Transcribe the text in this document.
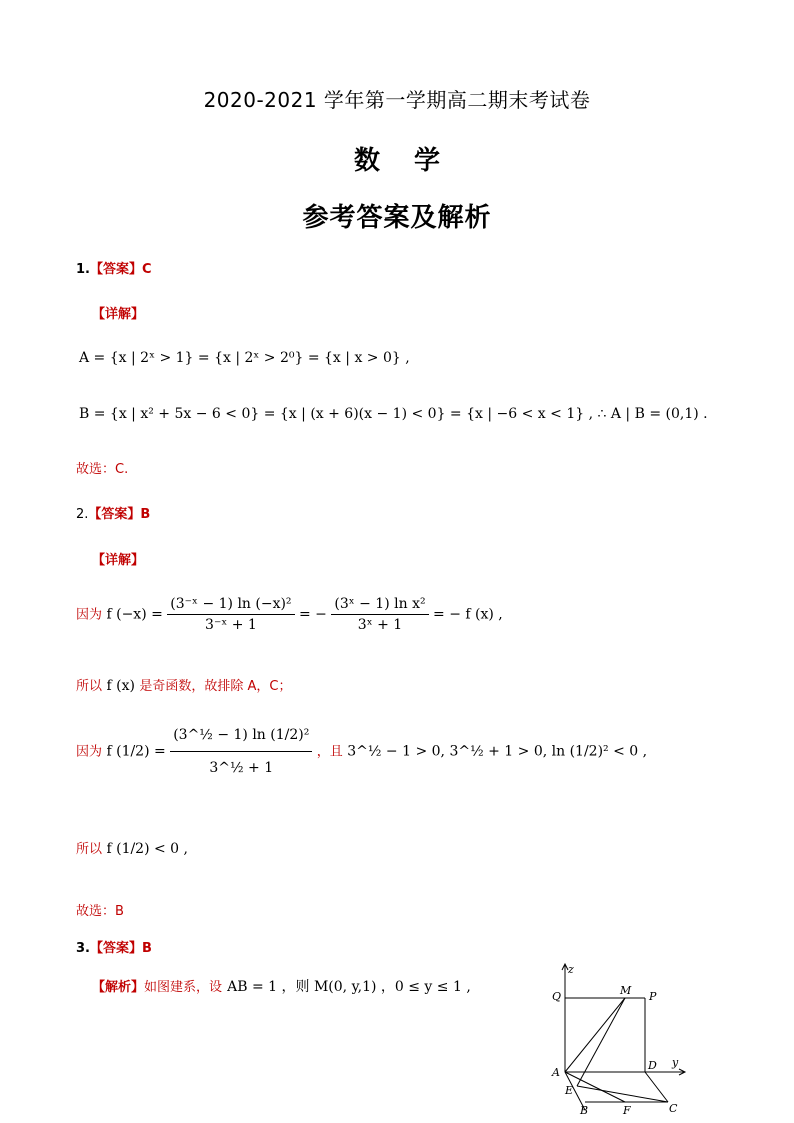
2020-2021 学年第一学期高二期末考试卷
数学
参考答案及解析
1.【答案】C
【详解】
A = {x | 2ˣ > 1} = {x | 2ˣ > 2⁰} = {x | x > 0} ,
B = {x | x² + 5x − 6 < 0} = {x | (x + 6)(x − 1) < 0} = {x | −6 < x < 1} , ∴ A | B = (0,1) .
故选：C.
2.【答案】B
【详解】
因为 f $(-x) = \frac{\text{(3⁻ˣ − 1) ln (−x)²}}{\text{3⁻ˣ + 1}}$ = − $\frac{\text{(3ˣ − 1) ln x²}}{\text{3ˣ + 1}}$ = − f (x) ,
所以 f (x) 是奇函数，故排除 A，C；
因为 f $(1/2) = \frac{\text{(3\textasciicircum{}½ − 1) ln (1/2)²}}{\text{3\textasciicircum{}½ + 1}}$ ，且 3^½ − 1 > 0, 3^½ + 1 > 0, ln (1/2)² < 0 ,
所以 f (1/2) < 0 ,
故选：B
3.【答案】B
【解析】如图建系，设 AB = 1 ，则 M(0, y,1) ，0 ≤ y ≤ 1 ,
z
Q	M P
A
D y
E
B	F	C
